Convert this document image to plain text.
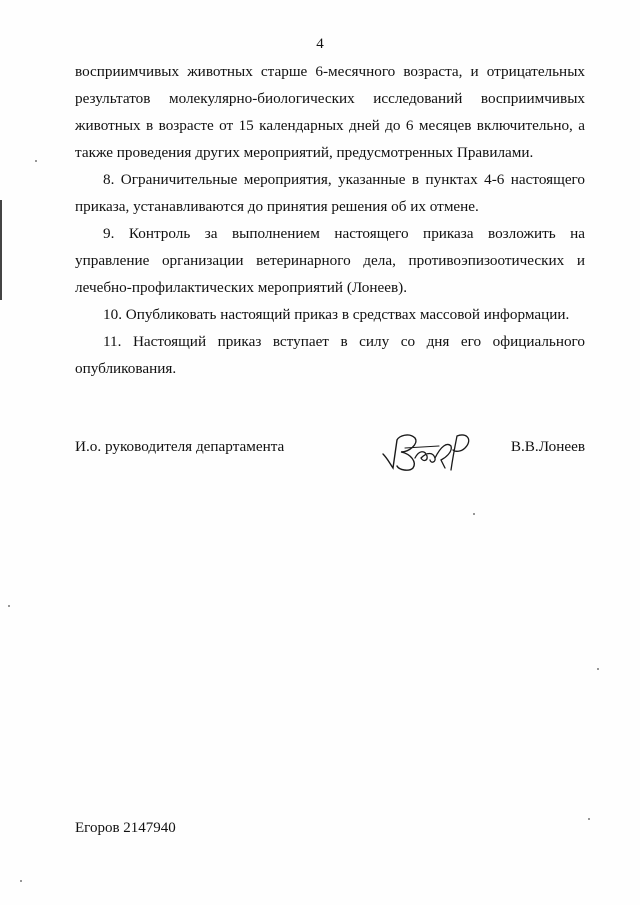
4

восприимчивых животных старше 6-месячного возраста, и отрицательных результатов молекулярно-биологических исследований восприимчивых животных в возрасте от 15 календарных дней до 6 месяцев включительно, а также проведения других мероприятий, предусмотренных Правилами.

8. Ограничительные мероприятия, указанные в пунктах 4-6 настоящего приказа, устанавливаются до принятия решения об их отмене.

9. Контроль за выполнением настоящего приказа возложить на управление организации ветеринарного дела, противоэпизоотических и лечебно-профилактических мероприятий (Лонеев).

10. Опубликовать настоящий приказ в средствах массовой информации.

11. Настоящий приказ вступает в силу со дня его официального опубликования.

И.о. руководителя департамента	В.В.Лонеев
Егоров 2147940
